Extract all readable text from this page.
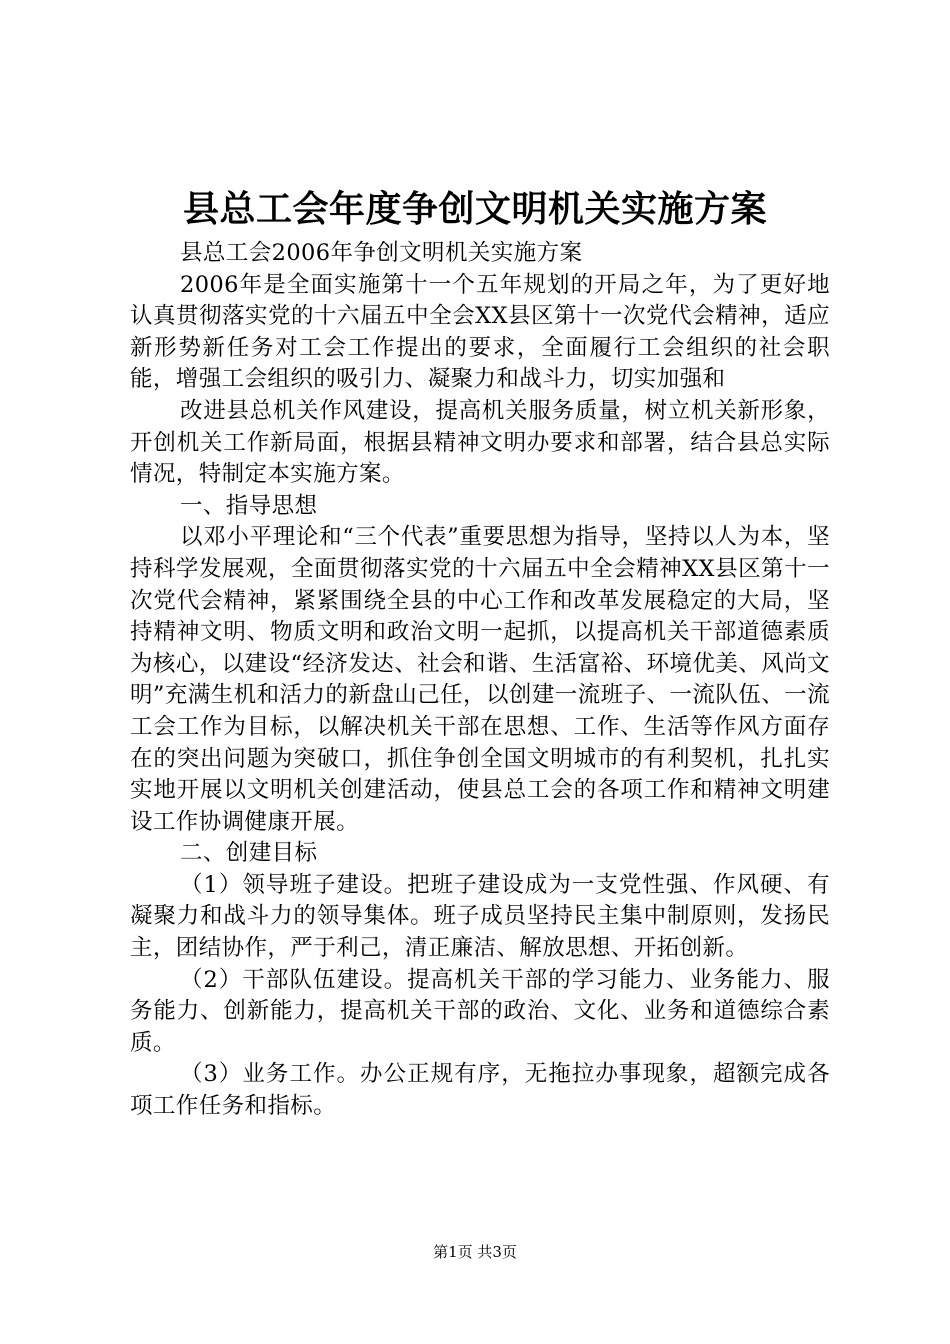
县总工会年度争创文明机关实施方案

县总工会2006年争创文明机关实施方案

2006年是全面实施第十一个五年规划的开局之年，为了更好地认真贯彻落实党的十六届五中全会XX县区第十一次党代会精神，适应新形势新任务对工会工作提出的要求，全面履行工会组织的社会职能，增强工会组织的吸引力、凝聚力和战斗力，切实加强和

改进县总机关作风建设，提高机关服务质量，树立机关新形象，开创机关工作新局面，根据县精神文明办要求和部署，结合县总实际情况，特制定本实施方案。

一、指导思想

以邓小平理论和“三个代表”重要思想为指导，坚持以人为本，坚持科学发展观，全面贯彻落实党的十六届五中全会精神XX县区第十一次党代会精神，紧紧围绕全县的中心工作和改革发展稳定的大局，坚持精神文明、物质文明和政治文明一起抓，以提高机关干部道德素质为核心，以建设“经济发达、社会和谐、生活富裕、环境优美、风尚文明”充满生机和活力的新盘山己任，以创建一流班子、一流队伍、一流工会工作为目标，以解决机关干部在思想、工作、生活等作风方面存在的突出问题为突破口，抓住争创全国文明城市的有利契机，扎扎实实地开展以文明机关创建活动，使县总工会的各项工作和精神文明建设工作协调健康开展。

二、创建目标

（1）领导班子建设。把班子建设成为一支党性强、作风硬、有凝聚力和战斗力的领导集体。班子成员坚持民主集中制原则，发扬民主，团结协作，严于利己，清正廉洁、解放思想、开拓创新。

（2）干部队伍建设。提高机关干部的学习能力、业务能力、服务能力、创新能力，提高机关干部的政治、文化、业务和道德综合素质。

（3）业务工作。办公正规有序，无拖拉办事现象，超额完成各项工作任务和指标。

第1页 共3页
